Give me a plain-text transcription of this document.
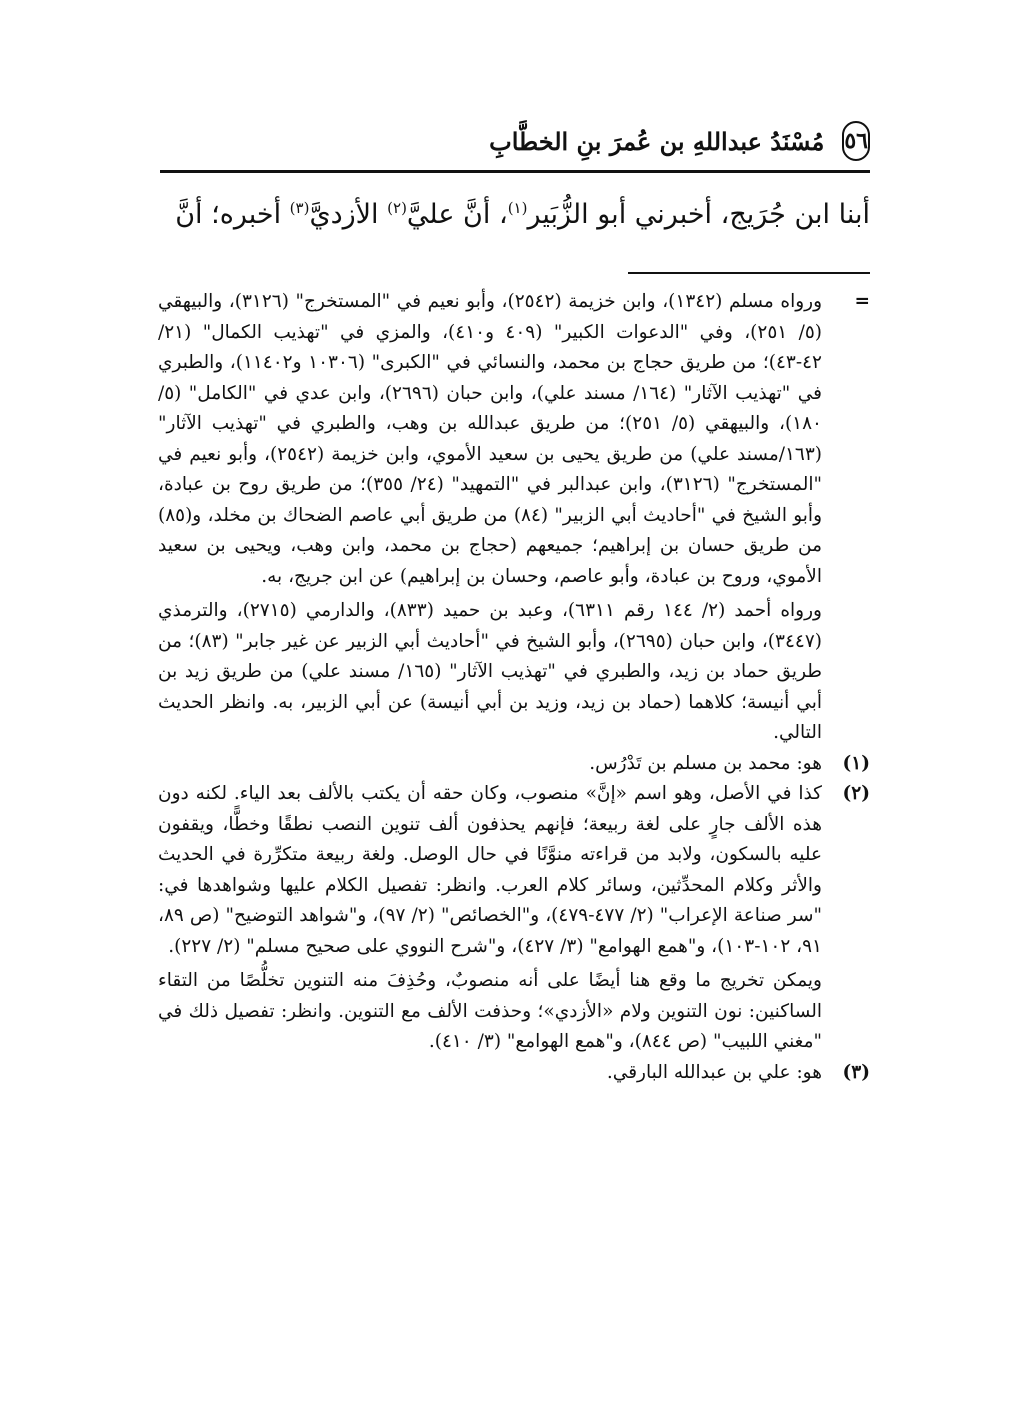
٥٦
مُسْنَدُ عبداللهِ بن عُمرَ بنِ الخطَّابِ
أبنا ابن جُرَيج، أخبرني أبو الزُّبَير$^{(١)}$، أنَّ عليَّ$^{(٢)}$ الأزديَّ$^{(٣)}$ أخبره؛ أنَّ
=

ورواه مسلم (١٣٤٢)، وابن خزيمة (٢٥٤٢)، وأبو نعيم في "المستخرج" (٣١٢٦)، والبيهقي (٥/ ٢٥١)، وفي "الدعوات الكبير" (٤٠٩ و٤١٠)، والمزي في "تهذيب الكمال" (٢١/ ٤٢-٤٣)؛ من طريق حجاج بن محمد، والنسائي في "الكبرى" (١٠٣٠٦ و١١٤٠٢)، والطبري في "تهذيب الآثار" (١٦٤/ مسند علي)، وابن حبان (٢٦٩٦)، وابن عدي في "الكامل" (٥/ ١٨٠)، والبيهقي (٥/ ٢٥١)؛ من طريق عبدالله بن وهب، والطبري في "تهذيب الآثار" (١٦٣/مسند علي) من طريق يحيى بن سعيد الأموي، وابن خزيمة (٢٥٤٢)، وأبو نعيم في "المستخرج" (٣١٢٦)، وابن عبدالبر في "التمهيد" (٢٤/ ٣٥٥)؛ من طريق روح بن عبادة، وأبو الشيخ في "أحاديث أبي الزبير" (٨٤) من طريق أبي عاصم الضحاك بن مخلد، و(٨٥) من طريق حسان بن إبراهيم؛ جميعهم (حجاج بن محمد، وابن وهب، ويحيى بن سعيد الأموي، وروح بن عبادة، وأبو عاصم، وحسان بن إبراهيم) عن ابن جريج، به.

ورواه أحمد (٢/ ١٤٤ رقم ٦٣١١)، وعبد بن حميد (٨٣٣)، والدارمي (٢٧١٥)، والترمذي (٣٤٤٧)، وابن حبان (٢٦٩٥)، وأبو الشيخ في "أحاديث أبي الزبير عن غير جابر" (٨٣)؛ من طريق حماد بن زيد، والطبري في "تهذيب الآثار" (١٦٥/ مسند علي) من طريق زيد بن أبي أنيسة؛ كلاهما (حماد بن زيد، وزيد بن أبي أنيسة) عن أبي الزبير، به. وانظر الحديث التالي.

(١)

هو: محمد بن مسلم بن تَدْرُس.

(٢)

كذا في الأصل، وهو اسم «إنَّ» منصوب، وكان حقه أن يكتب بالألف بعد الياء. لكنه دون هذه الألف جارٍ على لغة ربيعة؛ فإنهم يحذفون ألف تنوين النصب نطقًا وخطًّا، ويقفون عليه بالسكون، ولابد من قراءته منوَّنًا في حال الوصل. ولغة ربيعة متكرِّرة في الحديث والأثر وكلام المحدِّثين، وسائر كلام العرب. وانظر: تفصيل الكلام عليها وشواهدها في: "سر صناعة الإعراب" (٢/ ٤٧٧-٤٧٩)، و"الخصائص" (٢/ ٩٧)، و"شواهد التوضيح" (ص ٨٩، ٩١، ١٠٢-١٠٣)، و"همع الهوامع" (٣/ ٤٢٧)، و"شرح النووي على صحيح مسلم" (٢/ ٢٢٧).

ويمكن تخريج ما وقع هنا أيضًا على أنه منصوبٌ، وحُذِفَ منه التنوين تخلُّصًا من التقاء الساكنين: نون التنوين ولام «الأزدي»؛ وحذفت الألف مع التنوين. وانظر: تفصيل ذلك في "مغني اللبيب" (ص ٨٤٤)، و"همع الهوامع" (٣/ ٤١٠).

(٣)

هو: علي بن عبدالله البارقي.
